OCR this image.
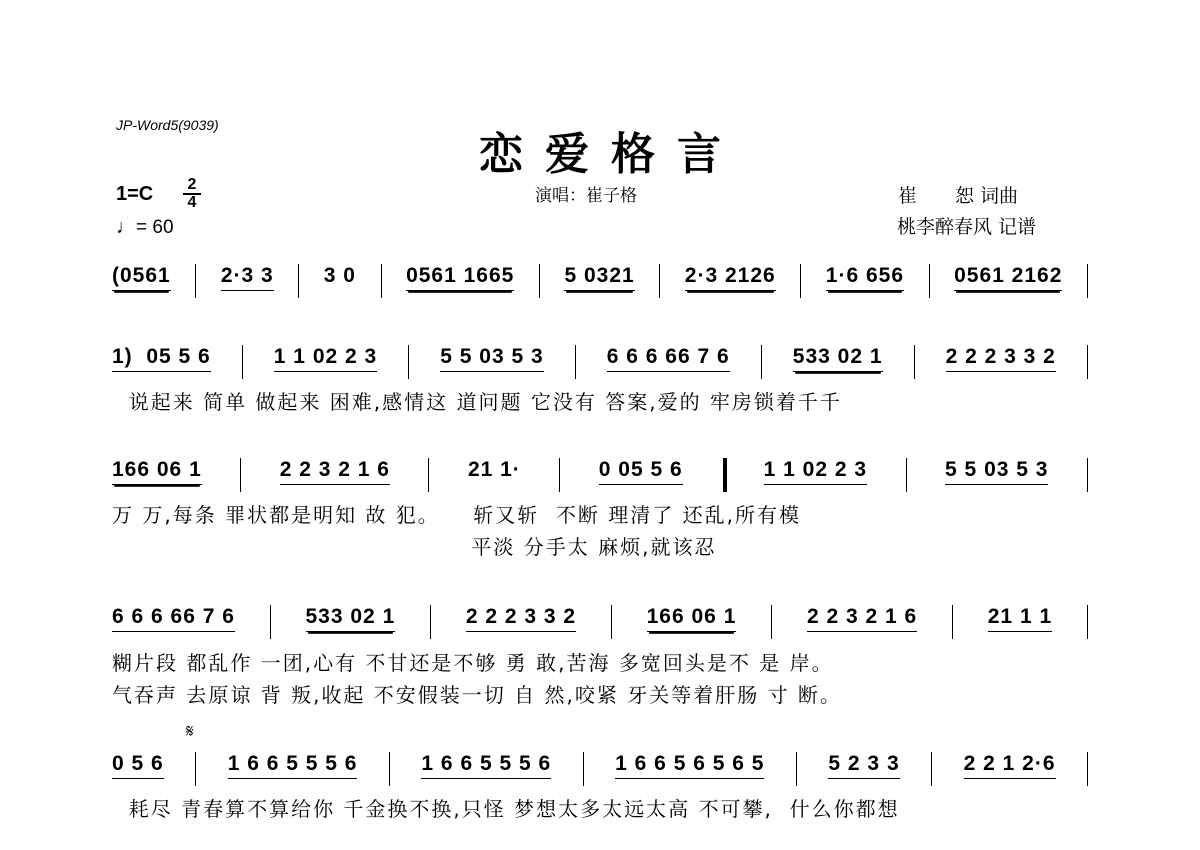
JP-Word5(9039)
恋爱格言
演唱：崔子格	崔　　恕 词曲
桃李醉春风 记谱
1=C 2
4
♩= 60
𝄋
(0561 2·3 3 3 0 0561 1665 5 0321 2·3 2126 1·6 656 0561 2162
1)  05 5 6	1 1 02 2 3	5 5 03 5 3	6 6 6 66 7 6	533 02 1	2 2 2 3 3 2
说起来 简单 做起来 困难,感情这 道问题 它没有 答案,爱的 牢房锁着千千
166 06 1	2 2 3 2 1 6	21 1·	0 05 5 6	1 1 02 2 3	5 5 03 5 3
万 万,每条 罪状都是明知 故 犯。    斩又斩  不断 理清了 还乱,所有模
平淡 分手太 麻烦,就该忍
6 6 6 66 7 6	533 02 1	2 2 2 3 3 2	166 06 1	2 2 3 2 1 6	21 1 1
糊片段 都乱作 一团,心有 不甘还是不够 勇 敢,苦海 多宽回头是不 是 岸。
气吞声 去原谅 背 叛,收起 不安假装一切 自 然,咬紧 牙关等着肝肠 寸 断。
0 5 6	1 6 6 5 5 5 6	1 6 6 5 5 5 6	1 6 6 5 6 5 6 5	5 2 3 3	2 2 1 2·6
耗尽 青春算不算给你 千金换不换,只怪 梦想太多太远太高 不可攀,  什么你都想
